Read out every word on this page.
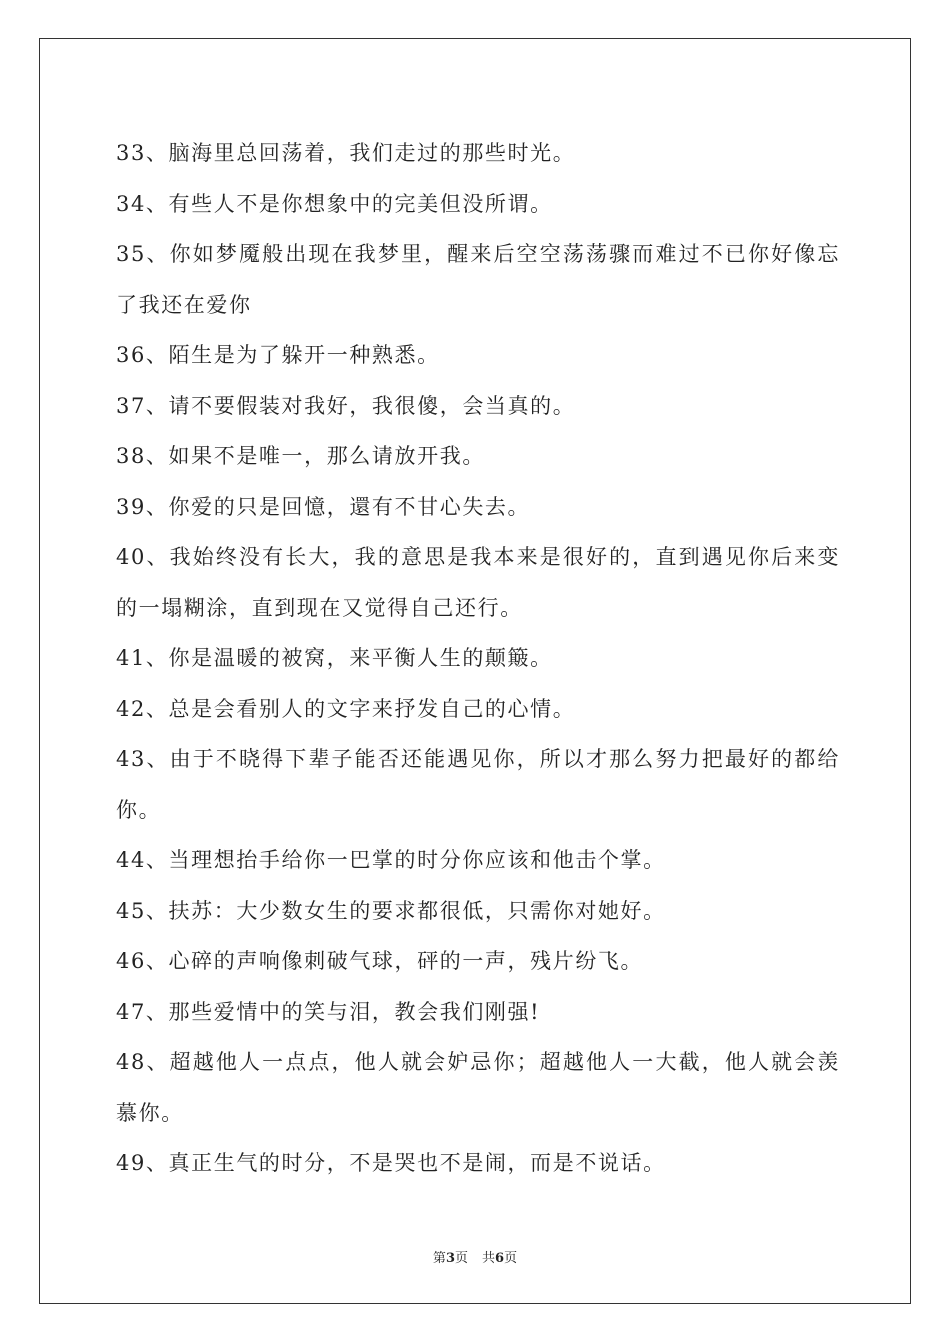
33、脑海里总回荡着，我们走过的那些时光。
34、有些人不是你想象中的完美但没所谓。
35、你如梦魇般出现在我梦里，醒来后空空荡荡骤而难过不已你好像忘了我还在爱你
36、陌生是为了躲开一种熟悉。
37、请不要假装对我好，我很傻，会当真的。
38、如果不是唯一，那么请放开我。
39、你爱的只是回憶，還有不甘心失去。
40、我始终没有长大，我的意思是我本来是很好的，直到遇见你后来变的一塌糊涂，直到现在又觉得自己还行。
41、你是温暖的被窝，来平衡人生的颠簸。
42、总是会看别人的文字来抒发自己的心情。
43、由于不晓得下辈子能否还能遇见你，所以才那么努力把最好的都给你。
44、当理想抬手给你一巴掌的时分你应该和他击个掌。
45、扶苏：大少数女生的要求都很低，只需你对她好。
46、心碎的声响像刺破气球，砰的一声，残片纷飞。
47、那些爱情中的笑与泪，教会我们刚强!
48、超越他人一点点，他人就会妒忌你；超越他人一大截，他人就会羡慕你。
49、真正生气的时分，不是哭也不是闹，而是不说话。
第3页 共6页
